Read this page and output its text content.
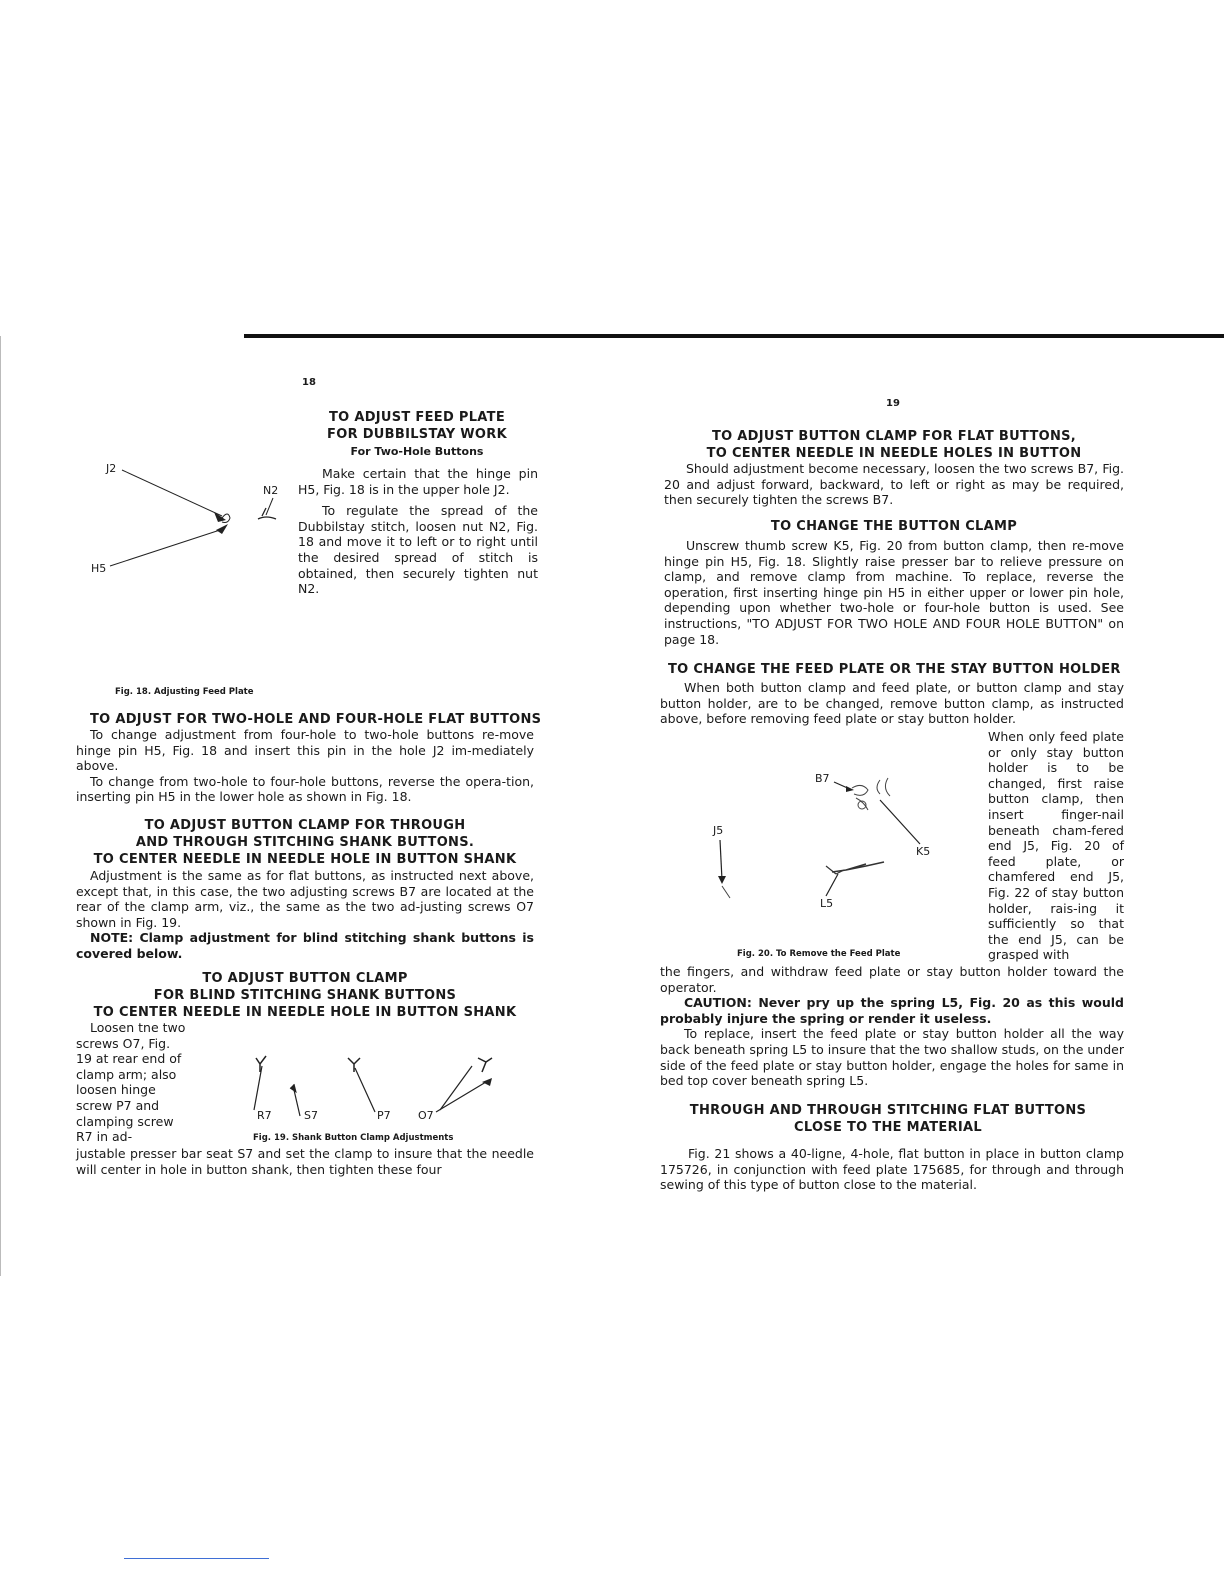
18
TO ADJUST FEED PLATE
FOR DUBBILSTAY WORK
For Two-Hole Buttons

Make certain that the hinge pin H5, Fig. 18 is in the upper hole J2.

To regulate the spread of the Dubbilstay stitch, loosen nut N2, Fig. 18 and move it to left or to right until the desired spread of stitch is obtained, then securely tighten nut N2.

J2
N2
H5
Fig. 18. Adjusting Feed Plate
TO ADJUST FOR TWO-HOLE AND FOUR-HOLE FLAT BUTTONS

To change adjustment from four-hole to two-hole buttons re-move hinge pin H5, Fig. 18 and insert this pin in the hole J2 im-mediately above.

To change from two-hole to four-hole buttons, reverse the opera-tion, inserting pin H5 in the lower hole as shown in Fig. 18.

TO ADJUST BUTTON CLAMP FOR THROUGH
AND THROUGH STITCHING SHANK BUTTONS.
TO CENTER NEEDLE IN NEEDLE HOLE IN BUTTON SHANK

Adjustment is the same as for flat buttons, as instructed next above, except that, in this case, the two adjusting screws B7 are located at the rear of the clamp arm, viz., the same as the two ad-justing screws O7 shown in Fig. 19.

NOTE: Clamp adjustment for blind stitching shank buttons is covered below.

TO ADJUST BUTTON CLAMP
FOR BLIND STITCHING SHANK BUTTONS
TO CENTER NEEDLE IN NEEDLE HOLE IN BUTTON SHANK

Loosen tne two screws O7, Fig. 19 at rear end of clamp arm; also loosen hinge screw P7 and clamping screw R7 in ad-

R7	S7	P7 O7
Fig. 19. Shank Button Clamp Adjustments

justable presser bar seat S7 and set the clamp to insure that the needle will center in hole in button shank, then tighten these four

19
TO ADJUST BUTTON CLAMP FOR FLAT BUTTONS,
TO CENTER NEEDLE IN NEEDLE HOLES IN BUTTON

Should adjustment become necessary, loosen the two screws B7, Fig. 20 and adjust forward, backward, to left or right as may be required, then securely tighten the screws B7.

TO CHANGE THE BUTTON CLAMP

Unscrew thumb screw K5, Fig. 20 from button clamp, then re-move hinge pin H5, Fig. 18. Slightly raise presser bar to relieve pressure on clamp, and remove clamp from machine. To replace, reverse the operation, first inserting hinge pin H5 in either upper or lower pin hole, depending upon whether two-hole or four-hole button is used. See instructions, "TO ADJUST FOR TWO HOLE AND FOUR HOLE BUTTON" on page 18.

TO CHANGE THE FEED PLATE OR THE STAY BUTTON HOLDER

When both button clamp and feed plate, or button clamp and stay button holder, are to be changed, remove button clamp, as instructed above, before removing feed plate or stay button holder.

When only feed plate or only stay button holder is to be changed, first raise button clamp, then insert finger-nail beneath cham-fered end J5, Fig. 20 of feed plate, or chamfered end J5, Fig. 22 of stay button holder, rais-ing it sufficiently so that the end J5, can be grasped with

B7
J5
K5
L5
Fig. 20. To Remove the Feed Plate

the fingers, and withdraw feed plate or stay button holder toward the operator.

CAUTION: Never pry up the spring L5, Fig. 20 as this would probably injure the spring or render it useless.

To replace, insert the feed plate or stay button holder all the way back beneath spring L5 to insure that the two shallow studs, on the under side of the feed plate or stay button holder, engage the holes for same in bed top cover beneath spring L5.

THROUGH AND THROUGH STITCHING FLAT BUTTONS
CLOSE TO THE MATERIAL

Fig. 21 shows a 40-ligne, 4-hole, flat button in place in button clamp 175726, in conjunction with feed plate 175685, for through and through sewing of this type of button close to the material.
